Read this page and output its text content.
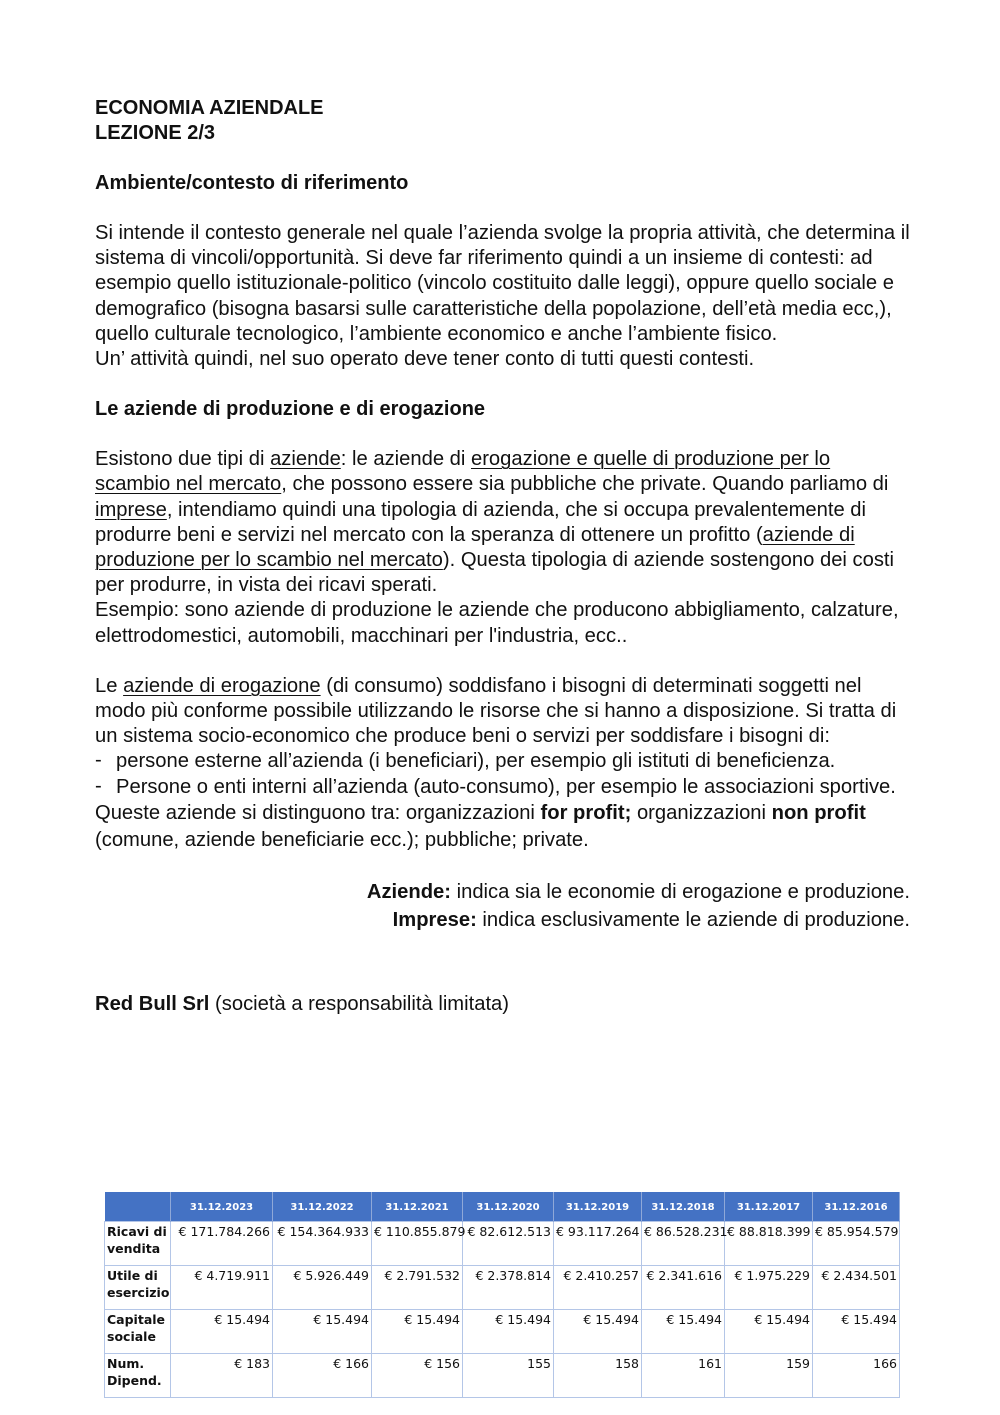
ECONOMIA AZIENDALE

LEZIONE 2/3

Ambiente/contesto di riferimento

Si intende il contesto generale nel quale l’azienda svolge la propria attività, che determina il sistema di vincoli/opportunità. Si deve far riferimento quindi a un insieme di contesti: ad esempio quello istituzionale-politico (vincolo costituito dalle leggi), oppure quello sociale e demografico (bisogna basarsi sulle caratteristiche della popolazione, dell’età media ecc,), quello culturale tecnologico, l’ambiente economico e anche l’ambiente fisico.

Un’ attività quindi, nel suo operato deve tener conto di tutti questi contesti.

Le aziende di produzione e di erogazione

Esistono due tipi di aziende: le aziende di erogazione e quelle di produzione per lo scambio nel mercato, che possono essere sia pubbliche che private. Quando parliamo di imprese, intendiamo quindi una tipologia di azienda, che si occupa prevalentemente di produrre beni e servizi nel mercato con la speranza di ottenere un profitto (aziende di produzione per lo scambio nel mercato). Questa tipologia di aziende sostengono dei costi per produrre, in vista dei ricavi sperati.

Esempio: sono aziende di produzione le aziende che producono abbigliamento, calzature, elettrodomestici, automobili, macchinari per l'industria, ecc..

Le aziende di erogazione (di consumo) soddisfano i bisogni di determinati soggetti nel modo più conforme possibile utilizzando le risorse che si hanno a disposizione. Si tratta di un sistema socio-economico che produce beni o servizi per soddisfare i bisogni di:

- persone esterne all’azienda (i beneficiari), per esempio gli istituti di beneficienza.
- Persone o enti interni all’azienda (auto-consumo), per esempio le associazioni sportive.

Queste aziende si distinguono tra: organizzazioni for profit; organizzazioni non profit (comune, aziende beneficiarie ecc.); pubbliche; private.

Aziende: indica sia le economie di erogazione e produzione.

Imprese: indica esclusivamente le aziende di produzione.

Red Bull Srl (società a responsabilità limitata)

	31.12.2023	31.12.2022	31.12.2021	31.12.2020	31.12.2019	31.12.2018	31.12.2017	31.12.2016
Ricavi di vendita	€ 171.784.266	€ 154.364.933	€ 110.855.879	€ 82.612.513	€ 93.117.264	€ 86.528.231	€ 88.818.399	€ 85.954.579
Utile di esercizio	€ 4.719.911	€ 5.926.449	€ 2.791.532	€ 2.378.814	€ 2.410.257	€ 2.341.616	€ 1.975.229	€ 2.434.501
Capitale sociale	€ 15.494	€ 15.494	€ 15.494	€ 15.494	€ 15.494	€ 15.494	€ 15.494	€ 15.494
Num. Dipend.	€ 183	€ 166	€ 156	155	158	161	159	166
